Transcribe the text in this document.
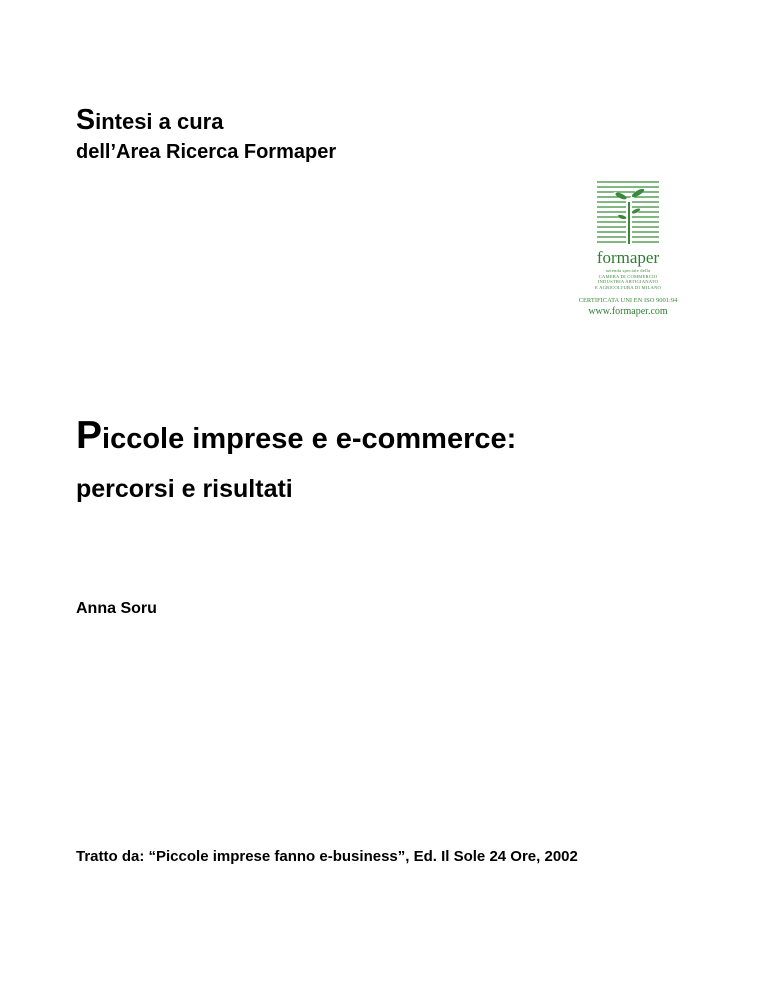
Sintesi a cura
dell’Area Ricerca Formaper
formaper
azienda speciale della
CAMERA DI COMMERCIO
INDUSTRIA ARTIGIANATO
E AGRICOLTURA DI MILANO
CERTIFICATA UNI EN ISO 9001:94
www.formaper.com
Piccole imprese e e-commerce:
percorsi e risultati
Anna Soru
Tratto da: “Piccole imprese fanno e-business”, Ed. Il Sole 24 Ore, 2002
